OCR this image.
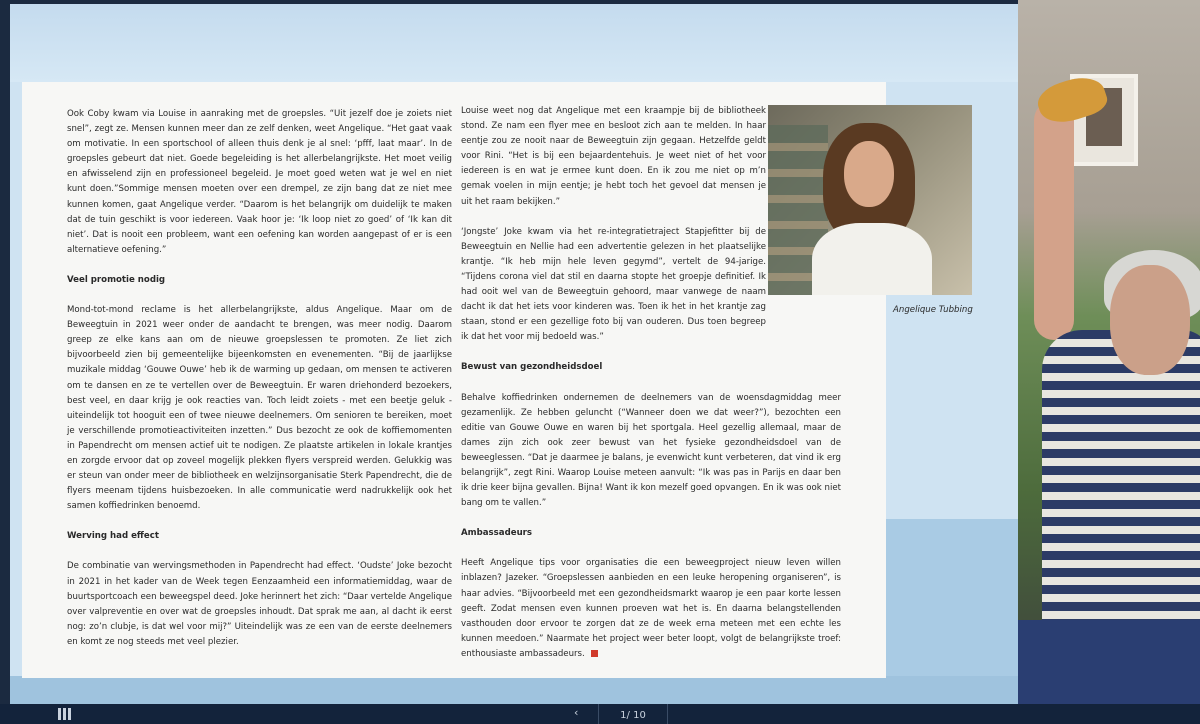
Ook Coby kwam via Louise in aanraking met de groepsles. “Uit jezelf doe je zoiets niet snel”, zegt ze. Mensen kunnen meer dan ze zelf denken, weet Angelique. “Het gaat vaak om motivatie. In een sportschool of alleen thuis denk je al snel: ‘pfff, laat maar’. In de groepsles gebeurt dat niet. Goede begeleiding is het allerbelangrijkste. Het moet veilig en afwisselend zijn en professioneel begeleid. Je moet goed weten wat je wel en niet kunt doen.”Sommige mensen moeten over een drempel, ze zijn bang dat ze niet mee kunnen komen, gaat Angelique verder. “Daarom is het belangrijk om duidelijk te maken dat de tuin geschikt is voor iedereen. Vaak hoor je: ‘Ik loop niet zo goed’ of ‘Ik kan dit niet’. Dat is nooit een probleem, want een oefening kan worden aangepast of er is een alternatieve oefening.”

Veel promotie nodig

Mond-tot-mond reclame is het allerbelangrijkste, aldus Angelique. Maar om de Beweegtuin in 2021 weer onder de aandacht te brengen, was meer nodig. Daarom greep ze elke kans aan om de nieuwe groepslessen te promoten. Ze liet zich bijvoorbeeld zien bij gemeentelijke bijeenkomsten en evenementen. “Bij de jaarlijkse muzikale middag ‘Gouwe Ouwe’ heb ik de warming up gedaan, om mensen te activeren om te dansen en ze te vertellen over de Beweegtuin. Er waren driehonderd bezoekers, best veel, en daar krijg je ook reacties van. Toch leidt zoiets - met een beetje geluk - uiteindelijk tot hooguit een of twee nieuwe deelnemers. Om senioren te bereiken, moet je verschillende promotieactiviteiten inzetten.” Dus bezocht ze ook de koffiemomenten in Papendrecht om mensen actief uit te nodigen. Ze plaatste artikelen in lokale krantjes en zorgde ervoor dat op zoveel mogelijk plekken flyers verspreid werden. Gelukkig was er steun van onder meer de bibliotheek en welzijnsorganisatie Sterk Papendrecht, die de flyers meenam tijdens huisbezoeken. In alle communicatie werd nadrukkelijk ook het samen koffiedrinken benoemd.

Werving had effect

De combinatie van wervingsmethoden in Papendrecht had effect. ‘Oudste’ Joke bezocht in 2021 in het kader van de Week tegen Eenzaamheid een informatiemiddag, waar de buurtsportcoach een beweegspel deed. Joke herinnert het zich: “Daar vertelde Angelique over valpreventie en over wat de groepsles inhoudt. Dat sprak me aan, al dacht ik eerst nog: zo’n clubje, is dat wel voor mij?” Uiteindelijk was ze een van de eerste deelnemers en komt ze nog steeds met veel plezier.

Louise weet nog dat Angelique met een kraampje bij de bibliotheek stond. Ze nam een flyer mee en besloot zich aan te melden. In haar eentje zou ze nooit naar de Beweegtuin zijn gegaan. Hetzelfde geldt voor Rini. “Het is bij een bejaardentehuis. Je weet niet of het voor iedereen is en wat je ermee kunt doen. En ik zou me niet op m’n gemak voelen in mijn eentje; je hebt toch het gevoel dat mensen je uit het raam bekijken.”

‘Jongste’ Joke kwam via het re-integratietraject Stapjefitter bij de Beweegtuin en Nellie had een advertentie gelezen in het plaatselijke krantje. “Ik heb mijn hele leven gegymd”, vertelt de 94-jarige. “Tijdens corona viel dat stil en daarna stopte het groepje definitief. Ik had ooit wel van de Beweegtuin gehoord, maar vanwege de naam dacht ik dat het iets voor kinderen was. Toen ik het in het krantje zag staan, stond er een gezellige foto bij van ouderen. Dus toen begreep ik dat het voor mij bedoeld was.”

Bewust van gezondheidsdoel

Behalve koffiedrinken ondernemen de deelnemers van de woensdagmiddag meer gezamenlijk. Ze hebben geluncht (“Wanneer doen we dat weer?”), bezochten een editie van Gouwe Ouwe en waren bij het sportgala. Heel gezellig allemaal, maar de dames zijn zich ook zeer bewust van het fysieke gezondheidsdoel van de beweeglessen. “Dat je daarmee je balans, je evenwicht kunt verbeteren, dat vind ik erg belangrijk”, zegt Rini. Waarop Louise meteen aanvult: “Ik was pas in Parijs en daar ben ik drie keer bijna gevallen. Bijna! Want ik kon mezelf goed opvangen. En ik was ook niet bang om te vallen.”

Ambassadeurs

Heeft Angelique tips voor organisaties die een beweegproject nieuw leven willen inblazen? Jazeker. “Groepslessen aanbieden en een leuke heropening organiseren”, is haar advies. “Bijvoorbeeld met een gezondheidsmarkt waarop je een paar korte lessen geeft. Zodat mensen even kunnen proeven wat het is. En daarna belangstellenden vasthouden door ervoor te zorgen dat ze de week erna meteen met een echte les kunnen meedoen.” Naarmate het project weer beter loopt, volgt de belangrijkste troef: enthousiaste ambassadeurs.

Angelique Tubbing
‹	1/ 10
